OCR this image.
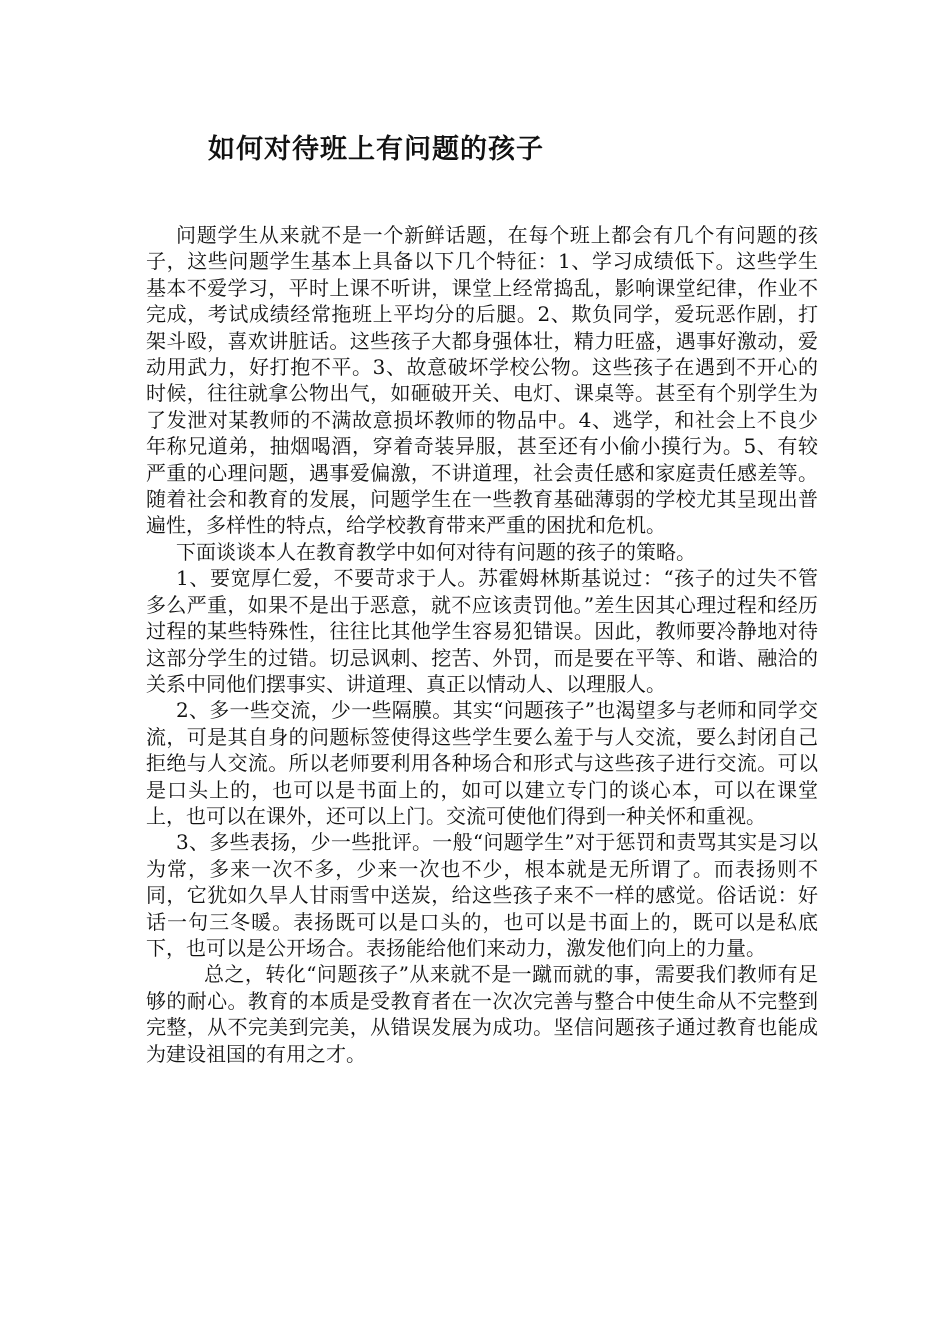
如何对待班上有问题的孩子

问题学生从来就不是一个新鲜话题，在每个班上都会有几个有问题的孩子，这些问题学生基本上具备以下几个特征：1、学习成绩低下。这些学生基本不爱学习，平时上课不听讲，课堂上经常捣乱，影响课堂纪律，作业不完成，考试成绩经常拖班上平均分的后腿。2、欺负同学，爱玩恶作剧，打架斗殴，喜欢讲脏话。这些孩子大都身强体壮，精力旺盛，遇事好激动，爱动用武力，好打抱不平。3、故意破坏学校公物。这些孩子在遇到不开心的时候，往往就拿公物出气，如砸破开关、电灯、课桌等。甚至有个别学生为了发泄对某教师的不满故意损坏教师的物品中。4、逃学，和社会上不良少年称兄道弟，抽烟喝酒，穿着奇装异服，甚至还有小偷小摸行为。5、有较严重的心理问题，遇事爱偏激，不讲道理，社会责任感和家庭责任感差等。随着社会和教育的发展，问题学生在一些教育基础薄弱的学校尤其呈现出普遍性，多样性的特点，给学校教育带来严重的困扰和危机。

下面谈谈本人在教育教学中如何对待有问题的孩子的策略。

1、要宽厚仁爱，不要苛求于人。苏霍姆林斯基说过：“孩子的过失不管多么严重，如果不是出于恶意，就不应该责罚他。”差生因其心理过程和经历过程的某些特殊性，往往比其他学生容易犯错误。因此，教师要冷静地对待这部分学生的过错。切忌讽刺、挖苦、外罚，而是要在平等、和谐、融洽的关系中同他们摆事实、讲道理、真正以情动人、以理服人。

2、多一些交流，少一些隔膜。其实“问题孩子”也渴望多与老师和同学交流，可是其自身的问题标签使得这些学生要么羞于与人交流，要么封闭自己拒绝与人交流。所以老师要利用各种场合和形式与这些孩子进行交流。可以是口头上的，也可以是书面上的，如可以建立专门的谈心本，可以在课堂上，也可以在课外，还可以上门。交流可使他们得到一种关怀和重视。

3、多些表扬，少一些批评。一般“问题学生”对于惩罚和责骂其实是习以为常，多来一次不多，少来一次也不少，根本就是无所谓了。而表扬则不同，它犹如久旱人甘雨雪中送炭，给这些孩子来不一样的感觉。俗话说：好话一句三冬暖。表扬既可以是口头的，也可以是书面上的，既可以是私底下，也可以是公开场合。表扬能给他们来动力，激发他们向上的力量。

总之，转化“问题孩子”从来就不是一蹴而就的事，需要我们教师有足够的耐心。教育的本质是受教育者在一次次完善与整合中使生命从不完整到完整，从不完美到完美，从错误发展为成功。坚信问题孩子通过教育也能成为建设祖国的有用之才。
